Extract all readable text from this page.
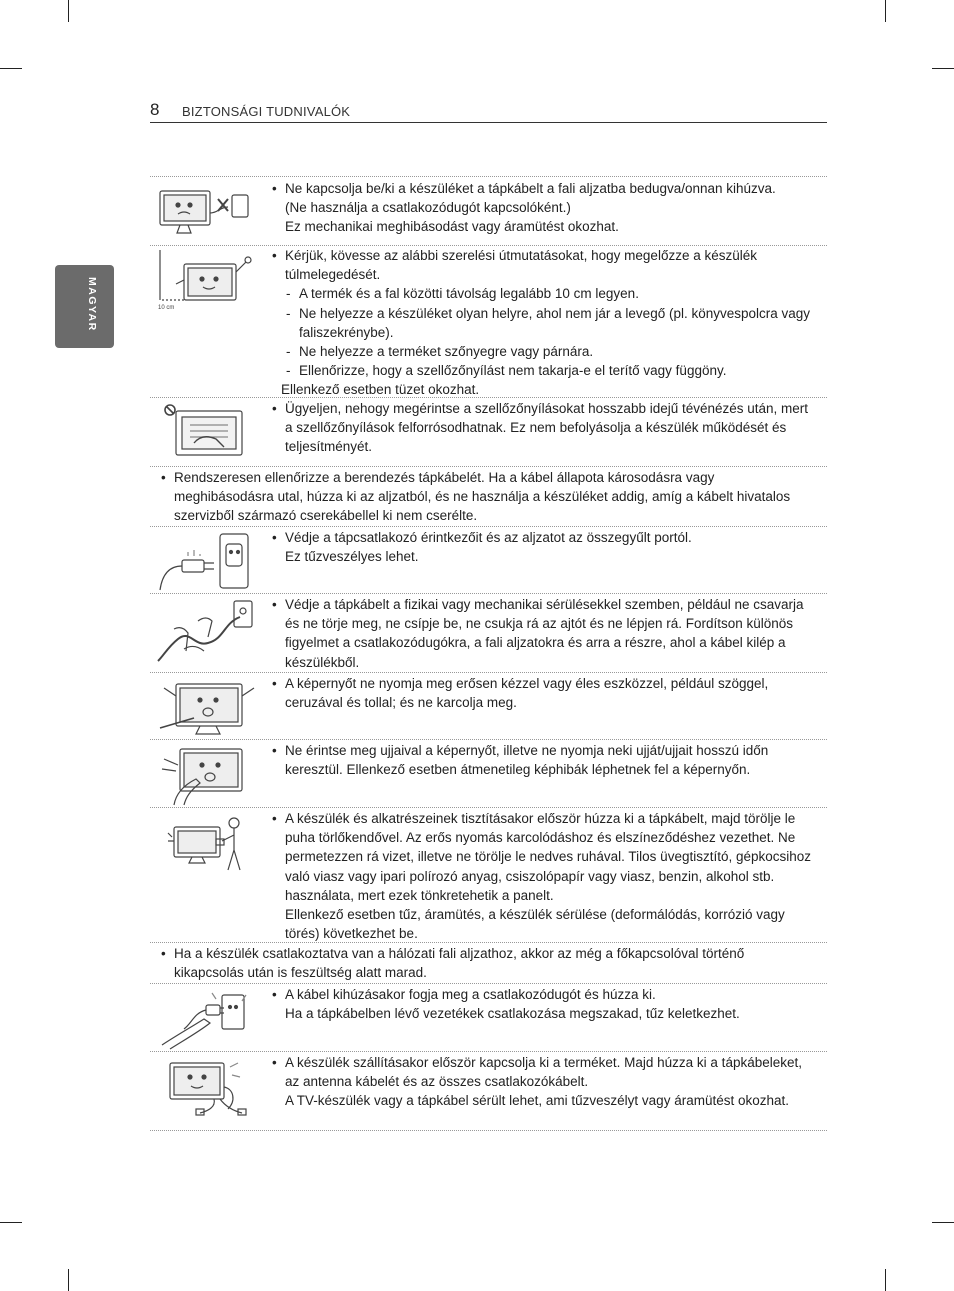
8 BIZTONSÁGI TUDNIVALÓK
MAGYAR
• Ne kapcsolja be/ki a készüléket a tápkábelt a fali aljzatba bedugva/onnan kihúzva.
(Ne használja a csatlakozódugót kapcsolóként.)
Ez mechanikai meghibásodást vagy áramütést okozhat.
10 cm
• Kérjük, kövesse az alábbi szerelési útmutatásokat, hogy megelőzze a készülék túlmelegedését.
- A termék és a fal közötti távolság legalább 10 cm legyen.
- Ne helyezze a készüléket olyan helyre, ahol nem jár a levegő (pl. könyvespolcra vagy faliszekrénybe).
- Ne helyezze a terméket szőnyegre vagy párnára.
- Ellenőrizze, hogy a szellőzőnyílást nem takarja-e el terítő vagy függöny.
Ellenkező esetben tüzet okozhat.
• Ügyeljen, nehogy megérintse a szellőzőnyílásokat hosszabb idejű tévénézés után, mert a szellőzőnyílások felforrósodhatnak. Ez nem befolyásolja a készülék működését és teljesítményét.
• Rendszeresen ellenőrizze a berendezés tápkábelét. Ha a kábel állapota károsodásra vagy meghibásodásra utal, húzza ki az aljzatból, és ne használja a készüléket addig, amíg a kábelt hivatalos szervizből származó cserekábellel ki nem cserélte.
• Védje a tápcsatlakozó érintkezőit és az aljzatot az összegyűlt portól.
Ez tűzveszélyes lehet.
• Védje a tápkábelt a fizikai vagy mechanikai sérülésekkel szemben, például ne csavarja és ne törje meg, ne csípje be, ne csukja rá az ajtót és ne lépjen rá. Fordítson különös figyelmet a csatlakozódugókra, a fali aljzatokra és arra a részre, ahol a kábel kilép a készülékből.
• A képernyőt ne nyomja meg erősen kézzel vagy éles eszközzel, például szöggel, ceruzával és tollal; és ne karcolja meg.
• Ne érintse meg ujjaival a képernyőt, illetve ne nyomja neki ujját/ujjait hosszú időn keresztül. Ellenkező esetben átmenetileg képhibák léphetnek fel a képernyőn.
• A készülék és alkatrészeinek tisztításakor először húzza ki a tápkábelt, majd törölje le puha törlőkendővel. Az erős nyomás karcolódáshoz és elszíneződéshez vezethet. Ne permetezzen rá vizet, illetve ne törölje le nedves ruhával. Tilos üvegtisztító, gépkocsihoz való viasz vagy ipari polírozó anyag, csiszolópapír vagy viasz, benzin, alkohol stb. használata, mert ezek tönkretehetik a panelt.
Ellenkező esetben tűz, áramütés, a készülék sérülése (deformálódás, korrózió vagy törés) következhet be.
• Ha a készülék csatlakoztatva van a hálózati fali aljzathoz, akkor az még a főkapcsolóval történő kikapcsolás után is feszültség alatt marad.
• A kábel kihúzásakor fogja meg a csatlakozódugót és húzza ki.
Ha a tápkábelben lévő vezetékek csatlakozása megszakad, tűz keletkezhet.
• A készülék szállításakor először kapcsolja ki a terméket. Majd húzza ki a tápkábeleket, az antenna kábelét és az összes csatlakozókábelt.
A TV-készülék vagy a tápkábel sérült lehet, ami tűzveszélyt vagy áramütést okozhat.
